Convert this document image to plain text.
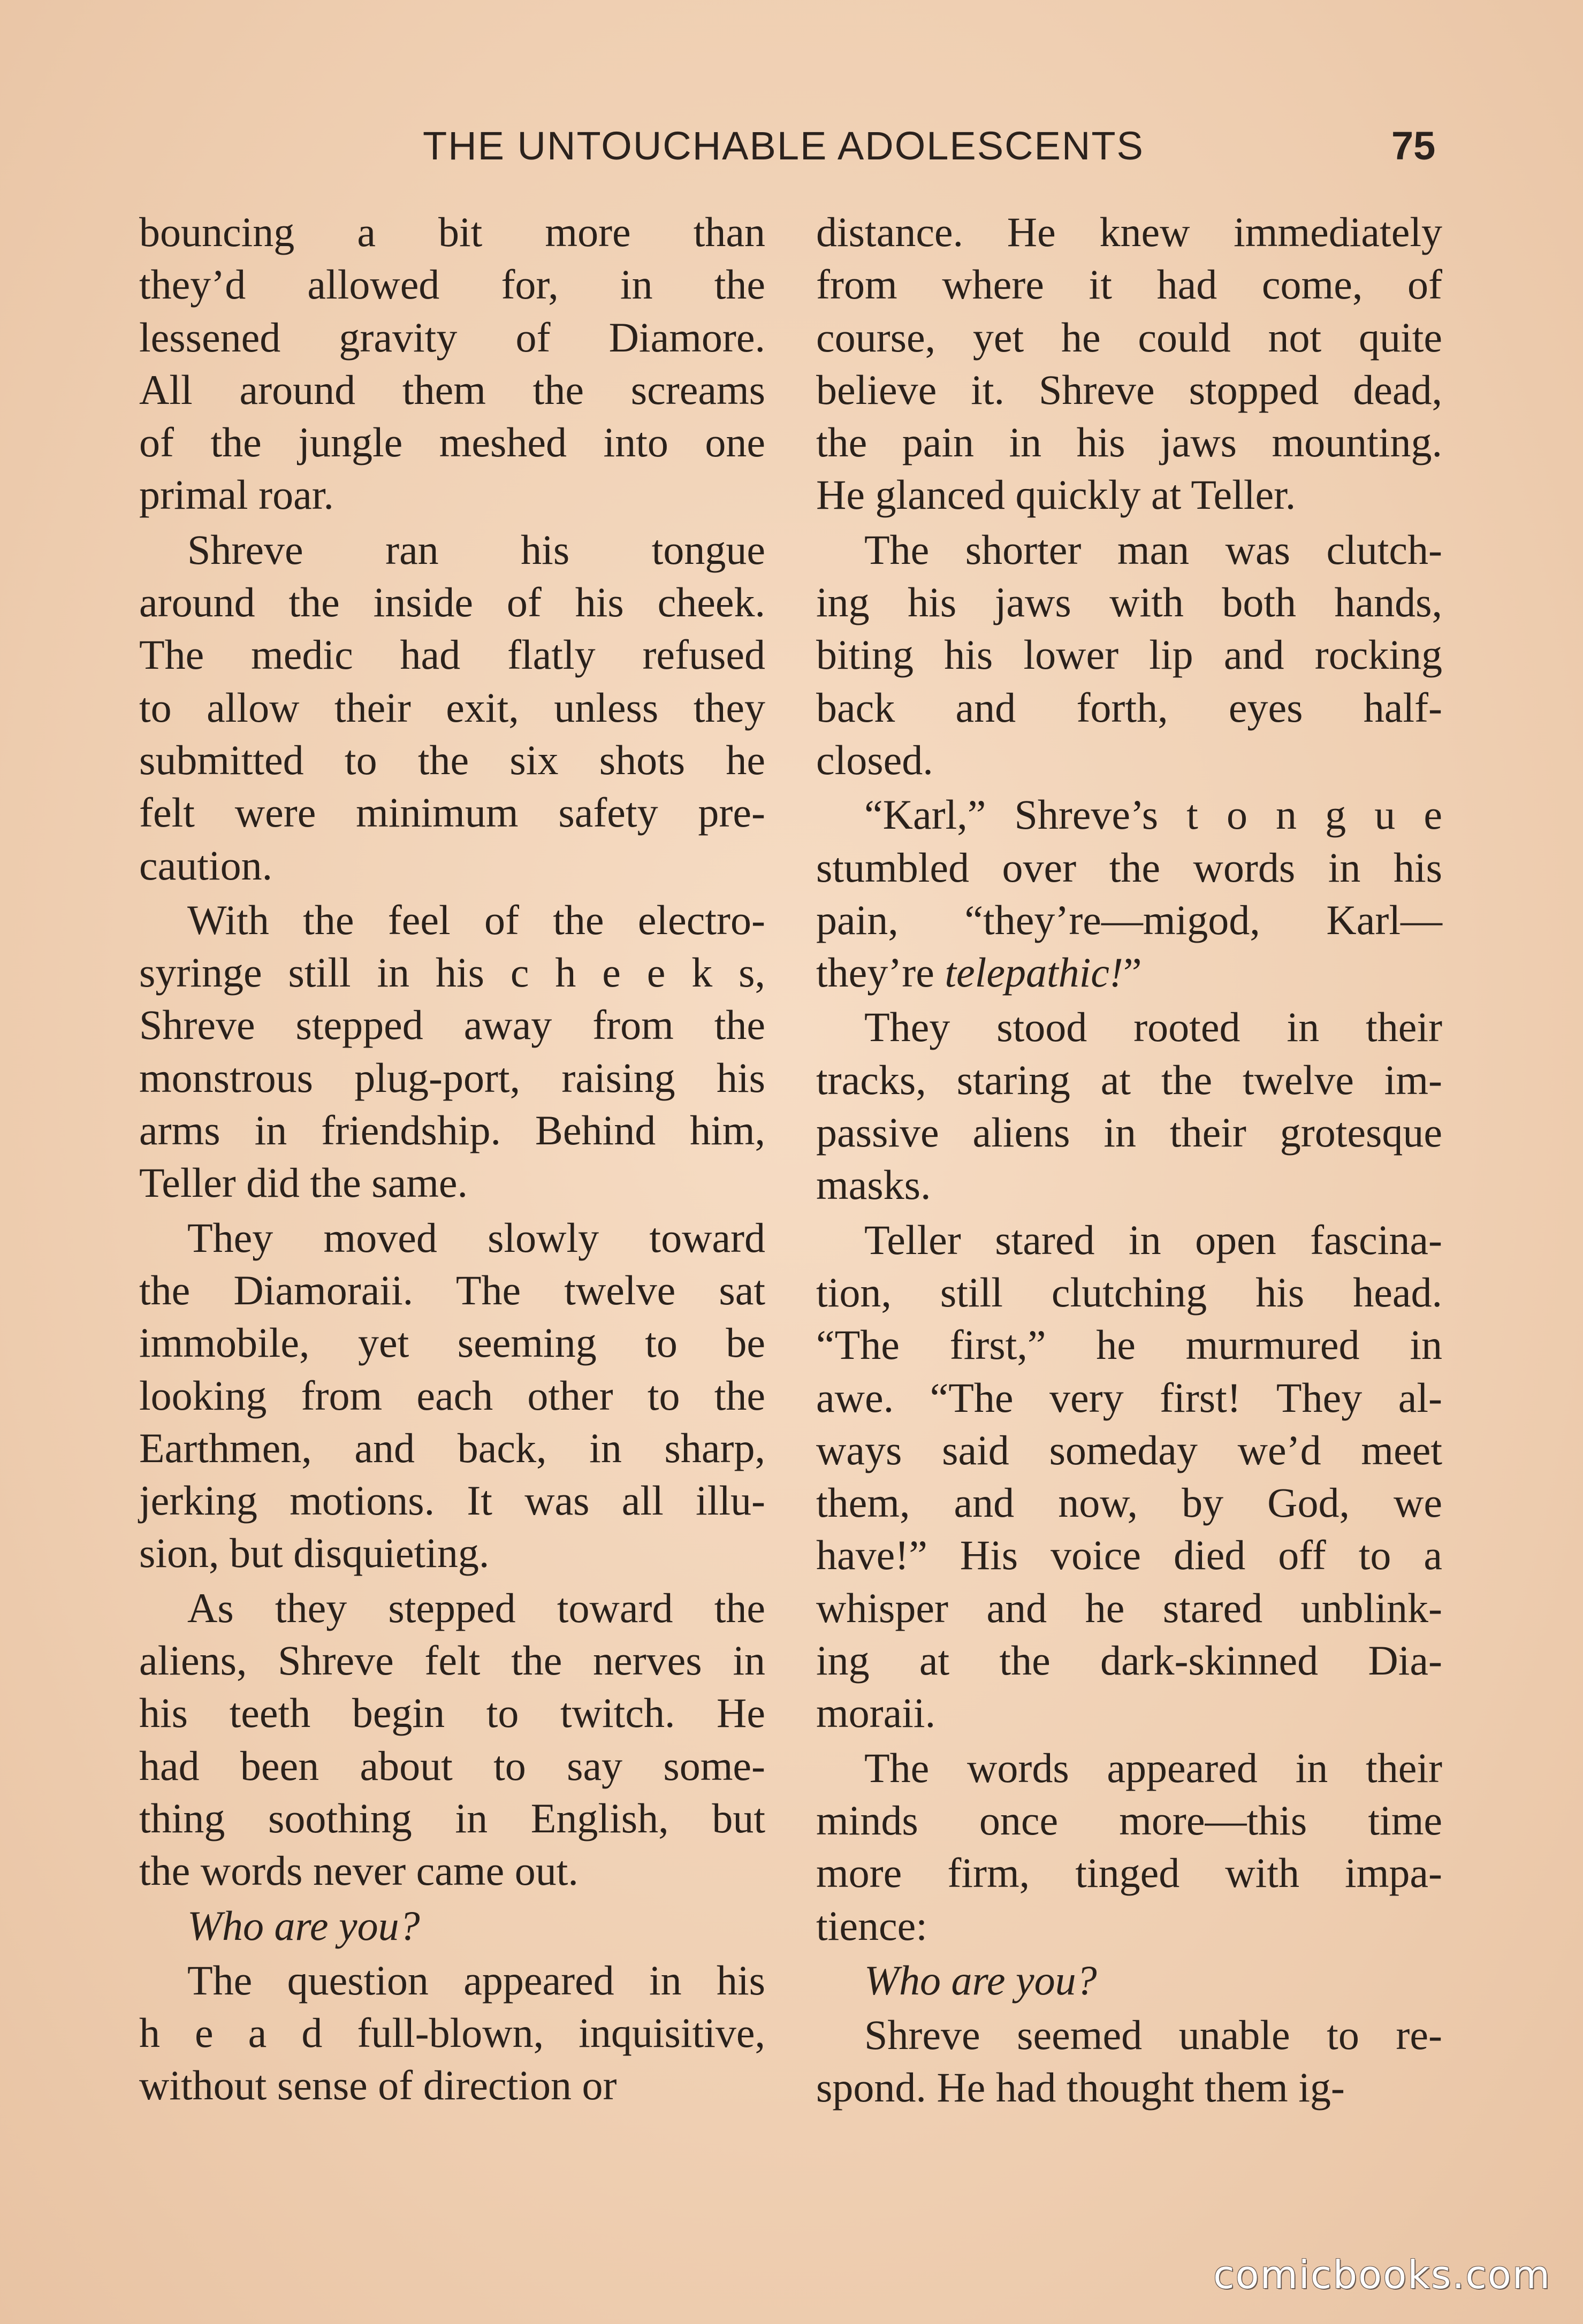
THE UNTOUCHABLE ADOLESCENTS	75
bouncing a bit more than
they’d allowed for, in the
lessened gravity of Diamore.
All around them the screams
of the jungle meshed into one
primal roar.
Shreve ran his tongue
around the inside of his cheek.
The medic had flatly refused
to allow their exit, unless they
submitted to the six shots he
felt were minimum safety pre-
caution.
With the feel of the electro-
syringe still in his c h e e k s,
Shreve stepped away from the
monstrous plug-port, raising his
arms in friendship. Behind him,
Teller did the same.
They moved slowly toward
the Diamoraii. The twelve sat
immobile, yet seeming to be
looking from each other to the
Earthmen, and back, in sharp,
jerking motions. It was all illu-
sion, but disquieting.
As they stepped toward the
aliens, Shreve felt the nerves in
his teeth begin to twitch. He
had been about to say some-
thing soothing in English, but
the words never came out.
Who are you?
The question appeared in his
h e a d full-blown, inquisitive,
without sense of direction or
distance. He knew immediately
from where it had come, of
course, yet he could not quite
believe it. Shreve stopped dead,
the pain in his jaws mounting.
He glanced quickly at Teller.
The shorter man was clutch-
ing his jaws with both hands,
biting his lower lip and rocking
back and forth, eyes half-
closed.
“Karl,” Shreve’s t o n g u e
stumbled over the words in his
pain, “they’re—migod, Karl—
they’re telepathic!”
They stood rooted in their
tracks, staring at the twelve im-
passive aliens in their grotesque
masks.
Teller stared in open fascina-
tion, still clutching his head.
“The first,” he murmured in
awe. “The very first! They al-
ways said someday we’d meet
them, and now, by God, we
have!” His voice died off to a
whisper and he stared unblink-
ing at the dark-skinned Dia-
moraii.
The words appeared in their
minds once more—this time
more firm, tinged with impa-
tience:
Who are you?
Shreve seemed unable to re-
spond. He had thought them ig-
comicbooks.com
